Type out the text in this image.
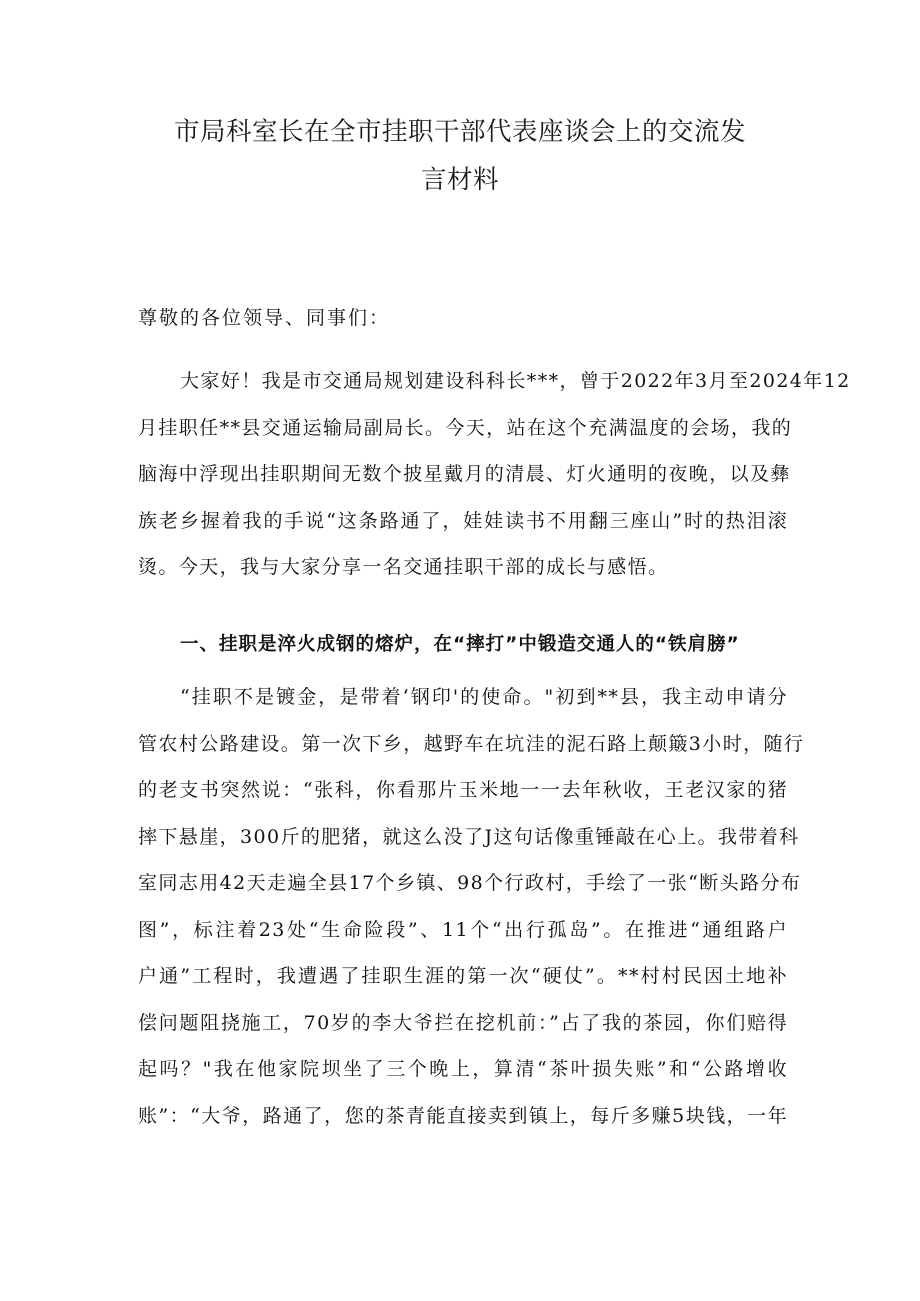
市局科室长在全市挂职干部代表座谈会上的交流发
言材料
尊敬的各位领导、同事们：
大家好！我是市交通局规划建设科科长***，曾于2022年3月至2024年12
月挂职任**县交通运输局副局长。今天，站在这个充满温度的会场，我的
脑海中浮现出挂职期间无数个披星戴月的清晨、灯火通明的夜晚，以及彝
族老乡握着我的手说“这条路通了，娃娃读书不用翻三座山”时的热泪滚
烫。今天，我与大家分享一名交通挂职干部的成长与感悟。
一、挂职是淬火成钢的熔炉，在“摔打”中锻造交通人的“铁肩膀”
“挂职不是镀金，是带着‘钢印'的使命。"初到**县，我主动申请分
管农村公路建设。第一次下乡，越野车在坑洼的泥石路上颠簸3小时，随行
的老支书突然说：“张科，你看那片玉米地一一去年秋收，王老汉家的猪
摔下悬崖，300斤的肥猪，就这么没了J这句话像重锤敲在心上。我带着科
室同志用42天走遍全县17个乡镇、98个行政村，手绘了一张“断头路分布
图”，标注着23处“生命险段”、11个“出行孤岛”。在推进“通组路户
户通”工程时，我遭遇了挂职生涯的第一次“硬仗”。**村村民因土地补
偿问题阻挠施工，70岁的李大爷拦在挖机前：”占了我的茶园，你们赔得
起吗？"我在他家院坝坐了三个晚上，算清“茶叶损失账”和“公路增收
账”：“大爷，路通了，您的茶青能直接卖到镇上，每斤多赚5块钱，一年
